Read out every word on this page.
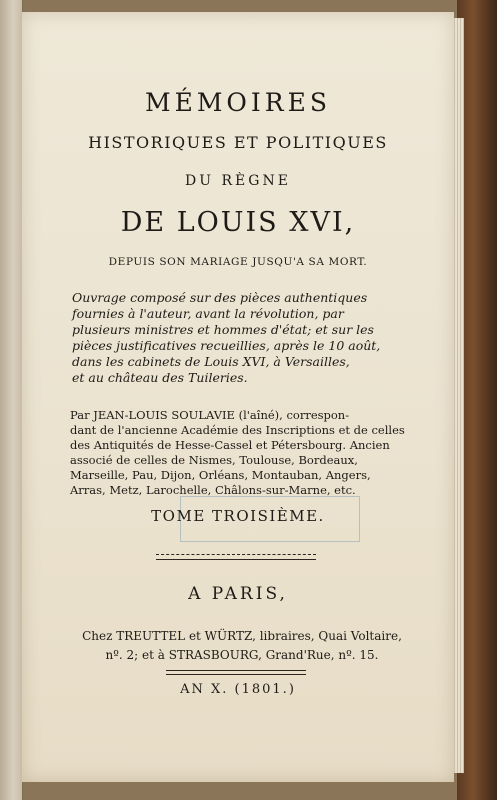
MÉMOIRES
HISTORIQUES ET POLITIQUES
DU RÈGNE
DE LOUIS XVI,
DEPUIS SON MARIAGE JUSQU'A SA MORT.
Ouvrage composé sur des pièces authentiques
fournies à l'auteur, avant la révolution, par
plusieurs ministres et hommes d'état; et sur les
pièces justificatives recueillies, après le 10 août,
dans les cabinets de Louis XVI, à Versailles,
et au château des Tuileries.
Par JEAN-LOUIS SOULAVIE (l'aîné), correspon-
dant de l'ancienne Académie des Inscriptions et de celles
des Antiquités de Hesse-Cassel et Pétersbourg. Ancien
associé de celles de Nismes, Toulouse, Bordeaux,
Marseille, Pau, Dijon, Orléans, Montauban, Angers,
Arras, Metz, Larochelle, Châlons-sur-Marne, etc.
TOME TROISIÈME.
A PARIS,
Chez TREUTTEL et WÜRTZ, libraires, Quai Voltaire,
nº. 2; et à STRASBOURG, Grand'Rue, nº. 15.
AN X. (1801.)
